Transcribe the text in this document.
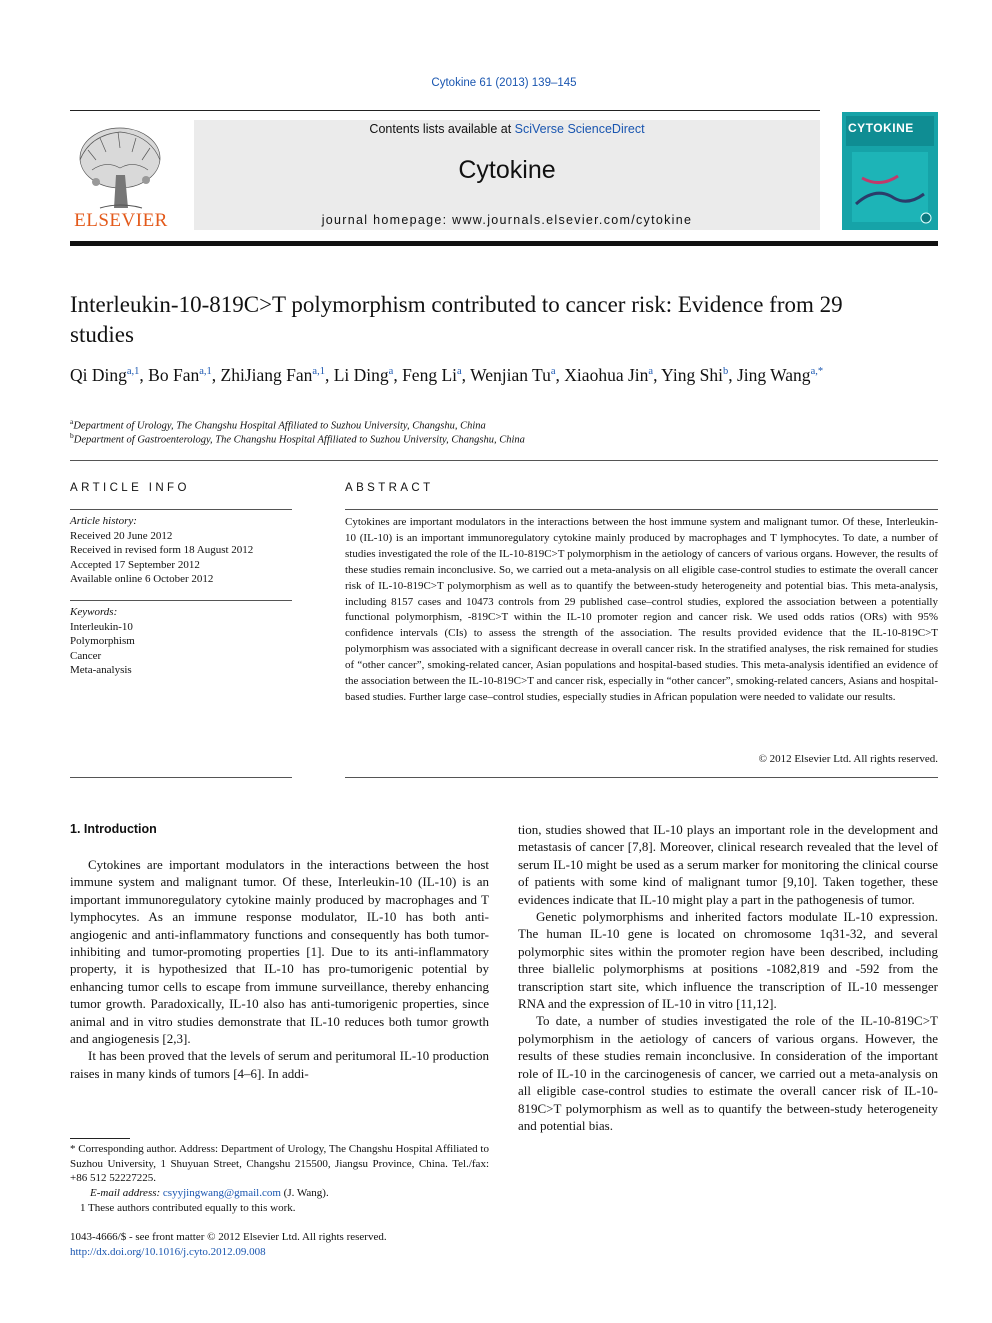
Cytokine 61 (2013) 139–145
ELSEVIER
Contents lists available at SciVerse ScienceDirect
Cytokine
journal homepage: www.journals.elsevier.com/cytokine
CYTOKINE
Interleukin-10-819C>T polymorphism contributed to cancer risk: Evidence from 29 studies
Qi Ding$^{a,1}$, Bo Fan$^{a,1}$, ZhiJiang Fan$^{a,1}$, Li Ding$^a$, Feng Li$^a$, Wenjian Tu$^a$, Xiaohua Jin$^a$, Ying Shi$^b$, Jing Wang$^{a,*}$
$^a$Department of Urology, The Changshu Hospital Affiliated to Suzhou University, Changshu, China
$^b$Department of Gastroenterology, The Changshu Hospital Affiliated to Suzhou University, Changshu, China
ARTICLE INFO
Article history:
Received 20 June 2012
Received in revised form 18 August 2012
Accepted 17 September 2012
Available online 6 October 2012
Keywords:
Interleukin-10
Polymorphism
Cancer
Meta-analysis
ABSTRACT
Cytokines are important modulators in the interactions between the host immune system and malignant tumor. Of these, Interleukin-10 (IL-10) is an important immunoregulatory cytokine mainly produced by macrophages and T lymphocytes. To date, a number of studies investigated the role of the IL-10-819C>T polymorphism in the aetiology of cancers of various organs. However, the results of these studies remain inconclusive. So, we carried out a meta-analysis on all eligible case-control studies to estimate the overall cancer risk of IL-10-819C>T polymorphism as well as to quantify the between-study heterogeneity and potential bias. This meta-analysis, including 8157 cases and 10473 controls from 29 published case–control studies, explored the association between a potentially functional polymorphism, -819C>T within the IL-10 promoter region and cancer risk. We used odds ratios (ORs) with 95% confidence intervals (CIs) to assess the strength of the association. The results provided evidence that the IL-10-819C>T polymorphism was associated with a significant decrease in overall cancer risk. In the stratified analyses, the risk remained for studies of “other cancer”, smoking-related cancer, Asian populations and hospital-based studies. This meta-analysis identified an evidence of the association between the IL-10-819C>T and cancer risk, especially in “other cancer”, smoking-related cancers, Asians and hospital-based studies. Further large case–control studies, especially studies in African population were needed to validate our results.
© 2012 Elsevier Ltd. All rights reserved.
1. Introduction

Cytokines are important modulators in the interactions between the host immune system and malignant tumor. Of these, Interleukin-10 (IL-10) is an important immunoregulatory cytokine mainly produced by macrophages and T lymphocytes. As an immune response modulator, IL-10 has both anti-angiogenic and anti-inflammatory functions and consequently has both tumor-inhibiting and tumor-promoting properties [1]. Due to its anti-inflammatory property, it is hypothesized that IL-10 has pro-tumorigenic potential by enhancing tumor cells to escape from immune surveillance, thereby enhancing tumor growth. Paradoxically, IL-10 also has anti-tumorigenic properties, since animal and in vitro studies demonstrate that IL-10 reduces both tumor growth and angiogenesis [2,3].

It has been proved that the levels of serum and peritumoral IL-10 production raises in many kinds of tumors [4–6]. In addi-

tion, studies showed that IL-10 plays an important role in the development and metastasis of cancer [7,8]. Moreover, clinical research revealed that the level of serum IL-10 might be used as a serum marker for monitoring the clinical course of patients with some kind of malignant tumor [9,10]. Taken together, these evidences indicate that IL-10 might play a part in the pathogenesis of tumor.

Genetic polymorphisms and inherited factors modulate IL-10 expression. The human IL-10 gene is located on chromosome 1q31-32, and several polymorphic sites within the promoter region have been described, including three biallelic polymorphisms at positions -1082,819 and -592 from the transcription start site, which influence the transcription of IL-10 messenger RNA and the expression of IL-10 in vitro [11,12].

To date, a number of studies investigated the role of the IL-10-819C>T polymorphism in the aetiology of cancers of various organs. However, the results of these studies remain inconclusive. In consideration of the important role of IL-10 in the carcinogenesis of cancer, we carried out a meta-analysis on all eligible case-control studies to estimate the overall cancer risk of IL-10-819C>T polymorphism as well as to quantify the between-study heterogeneity and potential bias.

* Corresponding author. Address: Department of Urology, The Changshu Hospital Affiliated to Suzhou University, 1 Shuyuan Street, Changshu 215500, Jiangsu Province, China. Tel./fax: +86 512 52227225.
E-mail address: csyyjingwang@gmail.com (J. Wang).
1 These authors contributed equally to this work.
1043-4666/$ - see front matter © 2012 Elsevier Ltd. All rights reserved.
http://dx.doi.org/10.1016/j.cyto.2012.09.008
